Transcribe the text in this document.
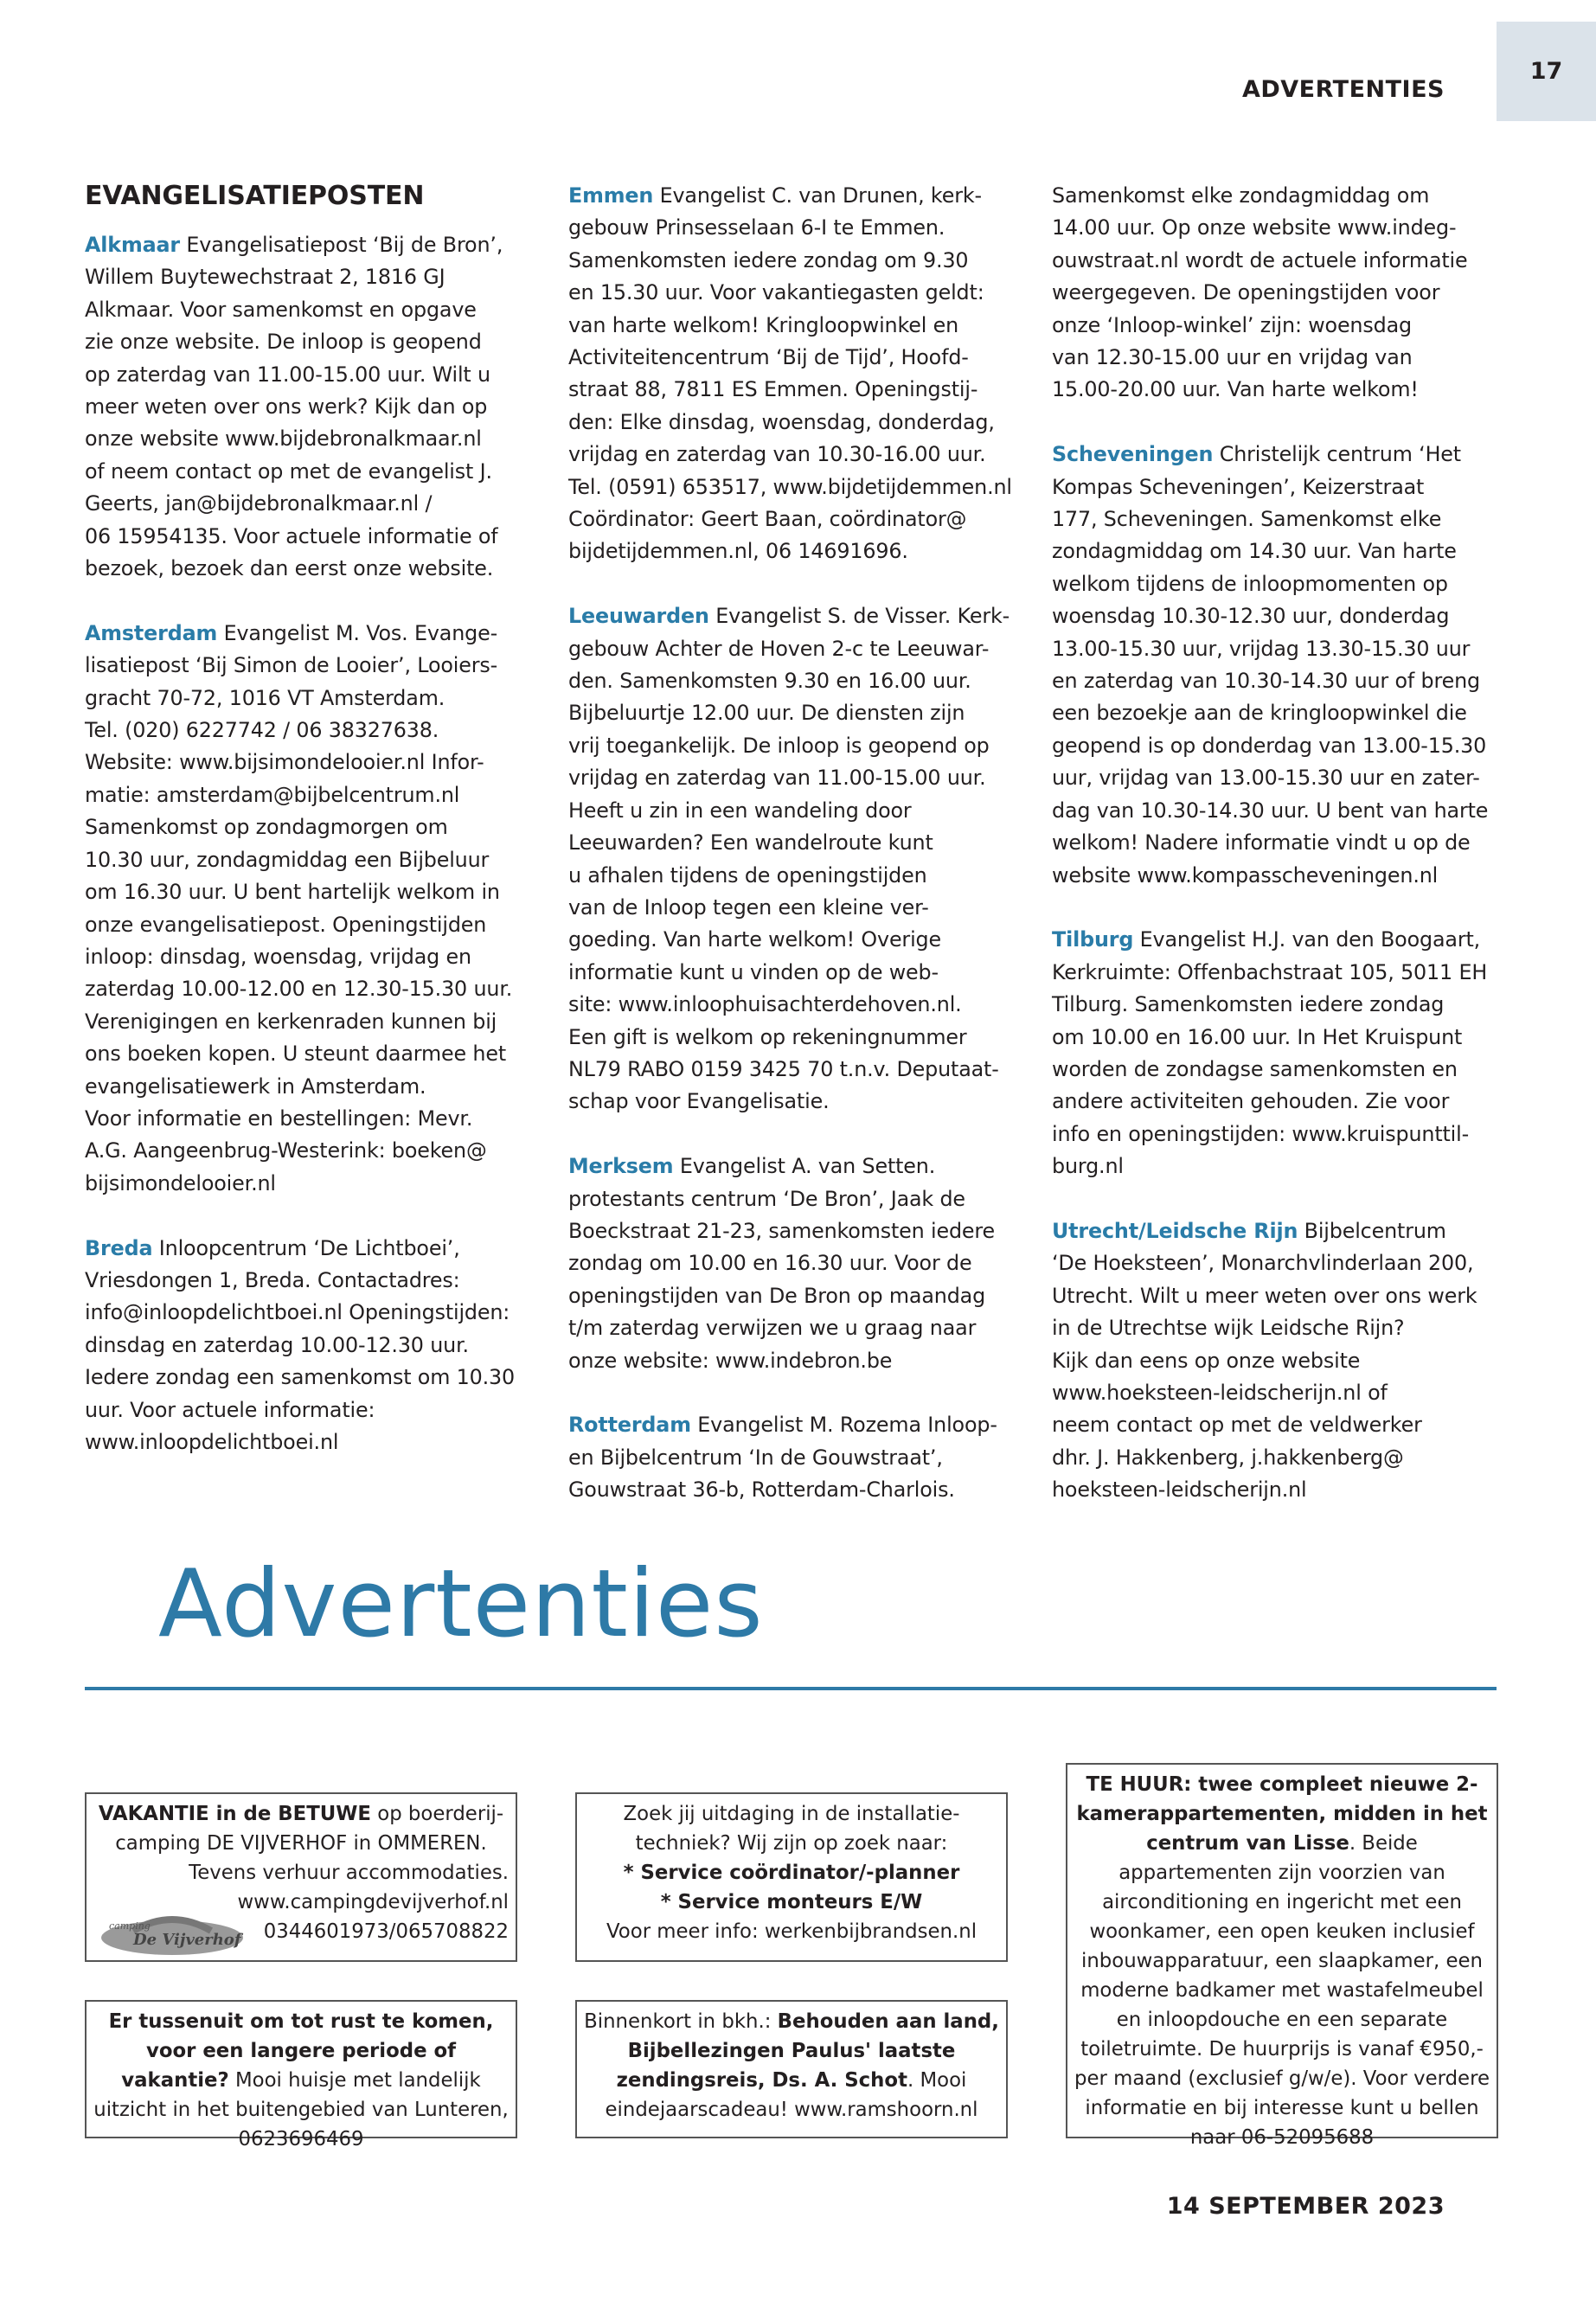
17
ADVERTENTIES
EVANGELISATIEPOSTEN

Alkmaar Evangelisatiepost ‘Bij de Bron’,
Willem Buytewechstraat 2, 1816 GJ
Alkmaar. Voor samenkomst en opgave
zie onze website. De inloop is geopend
op zaterdag van 11.00-15.00 uur. Wilt u
meer weten over ons werk? Kijk dan op
onze website www.bijdebronalkmaar.nl
of neem contact op met de evangelist J.
Geerts, jan@bijdebronalkmaar.nl /
06 15954135. Voor actuele informatie of
bezoek, bezoek dan eerst onze website.

Amsterdam Evangelist M. Vos. Evange-
lisatiepost ‘Bij Simon de Looier’, Looiers-
gracht 70-72, 1016 VT Amsterdam.
Tel. (020) 6227742 / 06 38327638.
Website: www.bijsimondelooier.nl Infor-
matie: amsterdam@bijbelcentrum.nl
Samenkomst op zondagmorgen om
10.30 uur, zondagmiddag een Bijbeluur
om 16.30 uur. U bent hartelijk welkom in
onze evangelisatiepost. Openingstijden
inloop: dinsdag, woensdag, vrijdag en
zaterdag 10.00-12.00 en 12.30-15.30 uur.
Verenigingen en kerkenraden kunnen bij
ons boeken kopen. U steunt daarmee het
evangelisatiewerk in Amsterdam.
Voor informatie en bestellingen: Mevr.
A.G. Aangeenbrug-Westerink: boeken@
bijsimondelooier.nl

Breda Inloopcentrum ‘De Lichtboei’,
Vriesdongen 1, Breda. Contactadres:
info@inloopdelichtboei.nl Openingstijden:
dinsdag en zaterdag 10.00-12.30 uur.
Iedere zondag een samenkomst om 10.30
uur. Voor actuele informatie:
www.inloopdelichtboei.nl

Emmen Evangelist C. van Drunen, kerk-
gebouw Prinsesselaan 6-I te Emmen.
Samenkomsten iedere zondag om 9.30
en 15.30 uur. Voor vakantiegasten geldt:
van harte welkom! Kringloopwinkel en
Activiteitencentrum ‘Bij de Tijd’, Hoofd-
straat 88, 7811 ES Emmen. Openingstij-
den: Elke dinsdag, woensdag, donderdag,
vrijdag en zaterdag van 10.30-16.00 uur.
Tel. (0591) 653517, www.bijdetijdemmen.nl
Coördinator: Geert Baan, coördinator@
bijdetijdemmen.nl, 06 14691696.

Leeuwarden Evangelist S. de Visser. Kerk-
gebouw Achter de Hoven 2-c te Leeuwar-
den. Samenkomsten 9.30 en 16.00 uur.
Bijbeluurtje 12.00 uur. De diensten zijn
vrij toegankelijk. De inloop is geopend op
vrijdag en zaterdag van 11.00-15.00 uur.
Heeft u zin in een wandeling door
Leeuwarden? Een wandelroute kunt
u afhalen tijdens de openingstijden
van de Inloop tegen een kleine ver-
goeding. Van harte welkom! Overige
informatie kunt u vinden op de web-
site: www.inloophuisachterdehoven.nl.
Een gift is welkom op rekeningnummer
NL79 RABO 0159 3425 70 t.n.v. Deputaat-
schap voor Evangelisatie.

Merksem Evangelist A. van Setten.
protestants centrum ‘De Bron’, Jaak de
Boeckstraat 21-23, samenkomsten iedere
zondag om 10.00 en 16.30 uur. Voor de
openingstijden van De Bron op maandag
t/m zaterdag verwijzen we u graag naar
onze website: www.indebron.be

Rotterdam Evangelist M. Rozema Inloop-
en Bijbelcentrum ‘In de Gouwstraat’,
Gouwstraat 36-b, Rotterdam-Charlois.

Samenkomst elke zondagmiddag om
14.00 uur. Op onze website www.indeg-
ouwstraat.nl wordt de actuele informatie
weergegeven. De openingstijden voor
onze ‘Inloop-winkel’ zijn: woensdag
van 12.30-15.00 uur en vrijdag van
15.00-20.00 uur. Van harte welkom!

Scheveningen Christelijk centrum ‘Het
Kompas Scheveningen’, Keizerstraat
177, Scheveningen. Samenkomst elke
zondagmiddag om 14.30 uur. Van harte
welkom tijdens de inloopmomenten op
woensdag 10.30-12.30 uur, donderdag
13.00-15.30 uur, vrijdag 13.30-15.30 uur
en zaterdag van 10.30-14.30 uur of breng
een bezoekje aan de kringloopwinkel die
geopend is op donderdag van 13.00-15.30
uur, vrijdag van 13.00-15.30 uur en zater-
dag van 10.30-14.30 uur. U bent van harte
welkom! Nadere informatie vindt u op de
website www.kompasscheveningen.nl

Tilburg Evangelist H.J. van den Boogaart,
Kerkruimte: Offenbachstraat 105, 5011 EH
Tilburg. Samenkomsten iedere zondag
om 10.00 en 16.00 uur. In Het Kruispunt
worden de zondagse samenkomsten en
andere activiteiten gehouden. Zie voor
info en openingstijden: www.kruispunttil-
burg.nl

Utrecht/Leidsche Rijn Bijbelcentrum
‘De Hoeksteen’, Monarchvlinderlaan 200,
Utrecht. Wilt u meer weten over ons werk
in de Utrechtse wijk Leidsche Rijn?
Kijk dan eens op onze website
www.hoeksteen-leidscherijn.nl of
neem contact op met de veldwerker
dhr. J. Hakkenberg, j.hakkenberg@
hoeksteen-leidscherijn.nl

Advertenties
VAKANTIE in de BETUWE op boerderij-
camping DE VIJVERHOF in OMMEREN.
Tevens verhuur accommodaties.
www.campingdevijverhof.nl
0344601973/065708822
camping
De Vijverhof
Er tussenuit om tot rust te komen, voor een langere periode of vakantie? Mooi huisje met landelijk uitzicht in het buitengebied van Lunteren, 0623696469
Zoek jij uitdaging in de installatie-
techniek? Wij zijn op zoek naar:
* Service coördinator/-planner
* Service monteurs E/W
Voor meer info: werkenbijbrandsen.nl
Binnenkort in bkh.: Behouden aan land, Bijbellezingen Paulus' laatste zendingsreis, Ds. A. Schot. Mooi eindejaarscadeau! www.ramshoorn.nl
TE HUUR: twee compleet nieuwe 2-kamerappartementen, midden in het centrum van Lisse. Beide appartementen zijn voorzien van airconditioning en ingericht met een woonkamer, een open keuken inclusief inbouwapparatuur, een slaapkamer, een moderne badkamer met wastafelmeubel en inloopdouche en een separate toiletruimte. De huurprijs is vanaf €950,- per maand (exclusief g/w/e). Voor verdere informatie en bij interesse kunt u bellen naar 06-52095688
14 SEPTEMBER 2023
